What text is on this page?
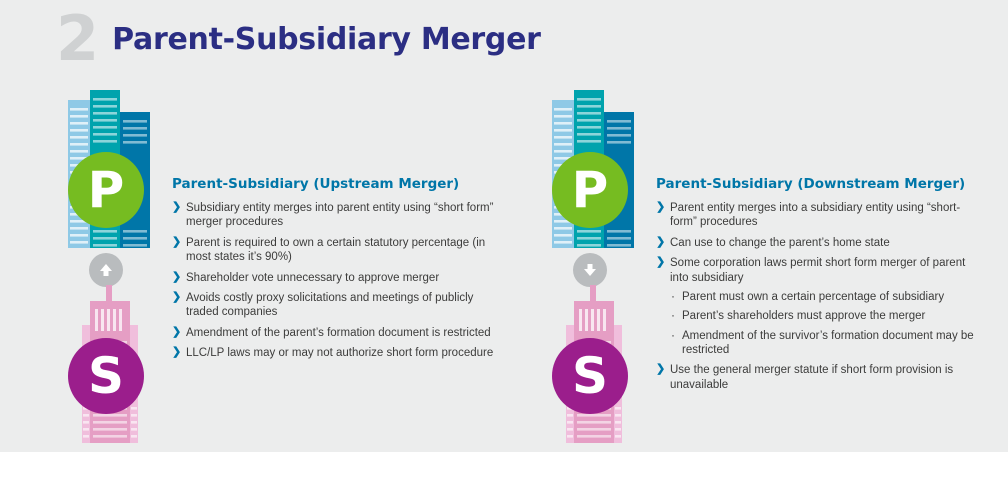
2 Parent-Subsidiary Merger
P
S
Parent-Subsidiary (Upstream Merger)
❯ Subsidiary entity merges into parent entity using “short form” merger procedures
❯ Parent is required to own a certain statutory percentage (in most states it’s 90%)
❯ Shareholder vote unnecessary to approve merger
❯ Avoids costly proxy solicitations and meetings of publicly traded companies
❯ Amendment of the parent’s formation document is restricted
❯ LLC/LP laws may or may not authorize short form procedure
P
S
Parent-Subsidiary (Downstream Merger)
❯ Parent entity merges into a subsidiary entity using “short-form” procedures
❯ Can use to change the parent’s home state
❯ Some corporation laws permit short form merger of parent into subsidiary
· Parent must own a certain percentage of subsidiary
· Parent’s shareholders must approve the merger
· Amendment of the survivor’s formation document may be restricted
❯ Use the general merger statute if short form provision is unavailable
